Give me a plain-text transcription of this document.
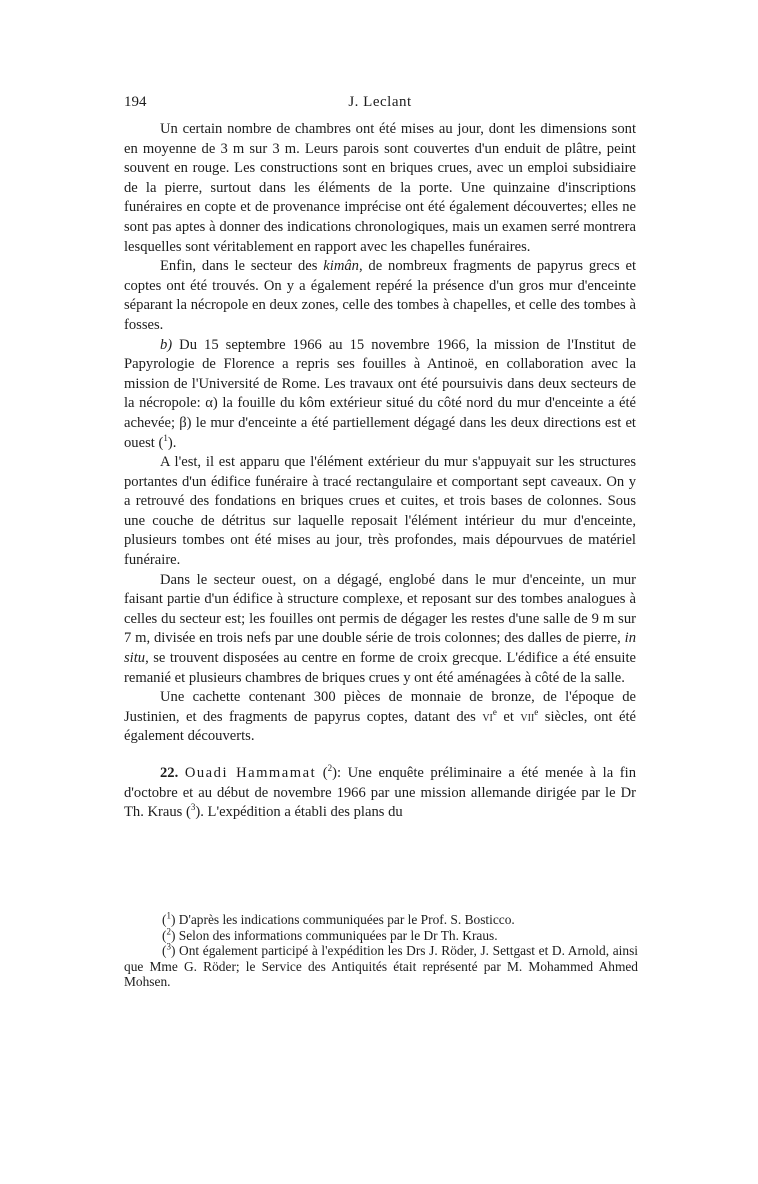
194	J. Leclant

Un certain nombre de chambres ont été mises au jour, dont les dimensions sont en moyenne de 3 m sur 3 m. Leurs parois sont couvertes d'un enduit de plâtre, peint souvent en rouge. Les constructions sont en briques crues, avec un emploi subsidiaire de la pierre, surtout dans les éléments de la porte. Une quinzaine d'inscriptions funéraires en copte et de provenance imprécise ont été également découvertes; elles ne sont pas aptes à donner des indications chronologiques, mais un examen serré montrera lesquelles sont véritablement en rapport avec les chapelles funéraires.

Enfin, dans le secteur des kimân, de nombreux fragments de papyrus grecs et coptes ont été trouvés. On y a également repéré la présence d'un gros mur d'enceinte séparant la nécropole en deux zones, celle des tombes à chapelles, et celle des tombes à fosses.

b) Du 15 septembre 1966 au 15 novembre 1966, la mission de l'Institut de Papyrologie de Florence a repris ses fouilles à Antinoë, en collaboration avec la mission de l'Université de Rome. Les travaux ont été poursuivis dans deux secteurs de la nécropole: α) la fouille du kôm extérieur situé du côté nord du mur d'enceinte a été achevée; β) le mur d'enceinte a été partiellement dégagé dans les deux directions est et ouest ($^1$).

A l'est, il est apparu que l'élément extérieur du mur s'appuyait sur les structures portantes d'un édifice funéraire à tracé rectangulaire et comportant sept caveaux. On y a retrouvé des fondations en briques crues et cuites, et trois bases de colonnes. Sous une couche de détritus sur laquelle reposait l'élément intérieur du mur d'enceinte, plusieurs tombes ont été mises au jour, très profondes, mais dépourvues de matériel funéraire.

Dans le secteur ouest, on a dégagé, englobé dans le mur d'enceinte, un mur faisant partie d'un édifice à structure complexe, et reposant sur des tombes analogues à celles du secteur est; les fouilles ont permis de dégager les restes d'une salle de 9 m sur 7 m, divisée en trois nefs par une double série de trois colonnes; des dalles de pierre, in situ, se trouvent disposées au centre en forme de croix grecque. L'édifice a été ensuite remanié et plusieurs chambres de briques crues y ont été aménagées à côté de la salle.

Une cachette contenant 300 pièces de monnaie de bronze, de l'époque de Justinien, et des fragments de papyrus coptes, datant des $vi^e$ et vii$^e$ siècles, ont été également découverts.

22. Ouadi Hammamat ($^2$): Une enquête préliminaire a été menée à la fin d'octobre et au début de novembre 1966 par une mission allemande dirigée par le Dr Th. Kraus ($^3$). L'expédition a établi des plans du

($^1$) D'après les indications communiquées par le Prof. S. Bosticco.

($^2$) Selon des informations communiquées par le Dr Th. Kraus.

($^3$) Ont également participé à l'expédition les Drs J. Röder, J. Settgast et D. Arnold, ainsi que Mme G. Röder; le Service des Antiquités était représenté par M. Mohammed Ahmed Mohsen.
